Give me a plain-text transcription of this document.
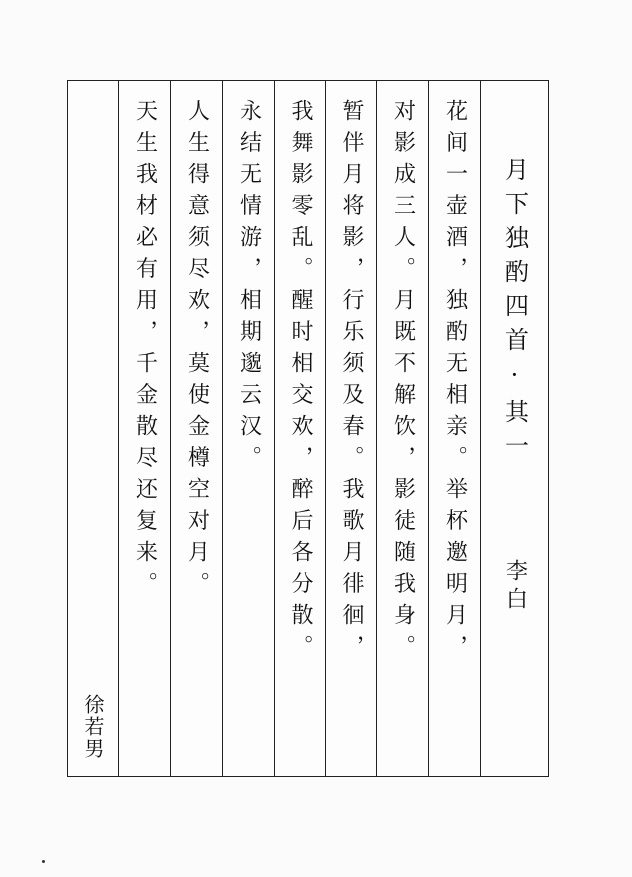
徐若男
天生我材必有用，千金散尽还复来。 人生得意须尽欢，莫使金樽空对月。 永结无情游，相期邈云汉。 我舞影零乱。醒时相交欢，醉后各分散。 暂伴月将影，行乐须及春。我歌月徘徊， 对影成三人。月既不解饮，影徒随我身。 花间一壶酒，独酌无相亲。举杯邀明月， 月下独酌四首·其一
李白
